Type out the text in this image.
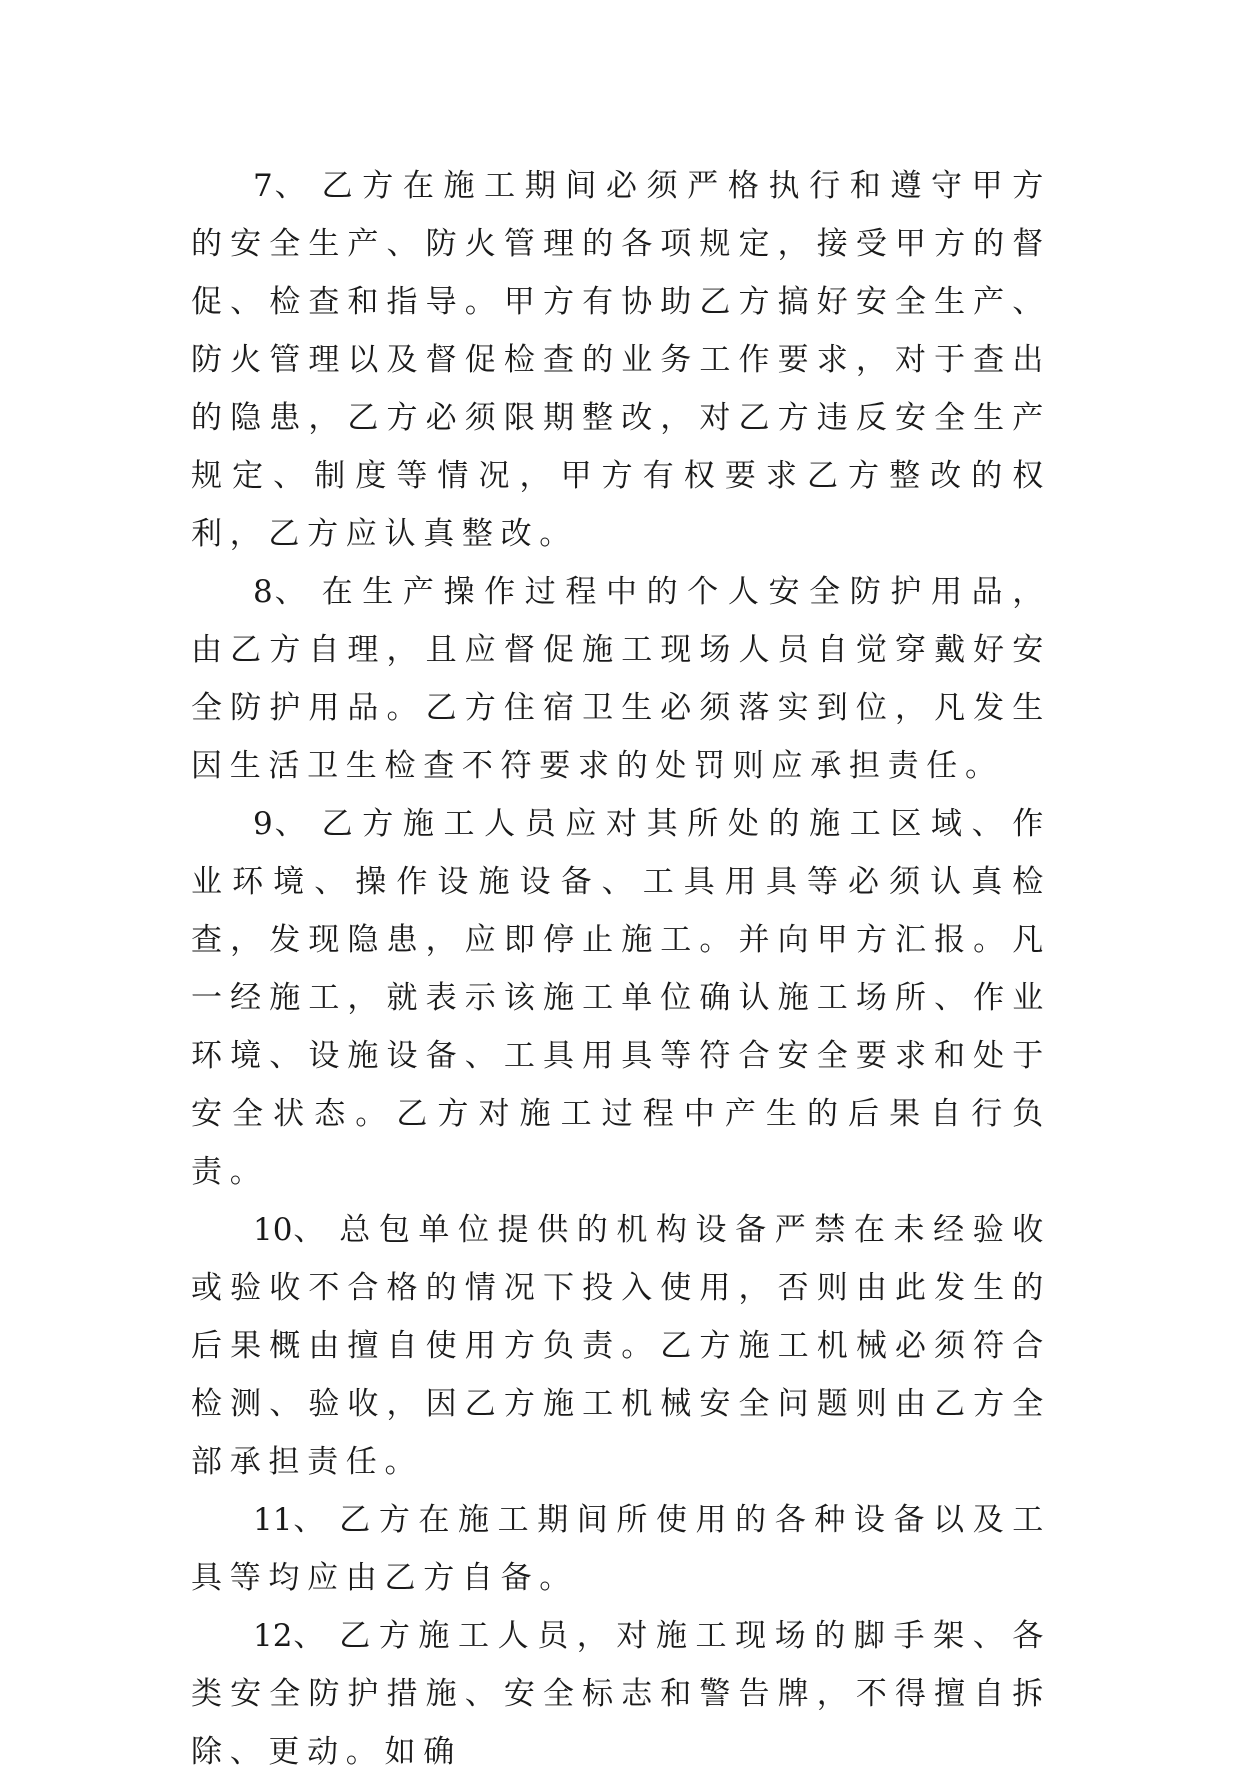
7、 乙方在施工期间必须严格执行和遵守甲方的安全生产、防火管理的各项规定，接受甲方的督促、检查和指导。甲方有协助乙方搞好安全生产、防火管理以及督促检查的业务工作要求，对于查出的隐患，乙方必须限期整改，对乙方违反安全生产规定、制度等情况，甲方有权要求乙方整改的权利，乙方应认真整改。

8、 在生产操作过程中的个人安全防护用品，由乙方自理，且应督促施工现场人员自觉穿戴好安全防护用品。乙方住宿卫生必须落实到位，凡发生因生活卫生检查不符要求的处罚则应承担责任。

9、 乙方施工人员应对其所处的施工区域、作业环境、操作设施设备、工具用具等必须认真检查，发现隐患，应即停止施工。并向甲方汇报。凡一经施工，就表示该施工单位确认施工场所、作业环境、设施设备、工具用具等符合安全要求和处于安全状态。乙方对施工过程中产生的后果自行负责。

10、 总包单位提供的机构设备严禁在未经验收或验收不合格的情况下投入使用，否则由此发生的后果概由擅自使用方负责。乙方施工机械必须符合检测、验收，因乙方施工机械安全问题则由乙方全部承担责任。

11、 乙方在施工期间所使用的各种设备以及工具等均应由乙方自备。

12、 乙方施工人员，对施工现场的脚手架、各类安全防护措施、安全标志和警告牌，不得擅自拆除、更动。如确
